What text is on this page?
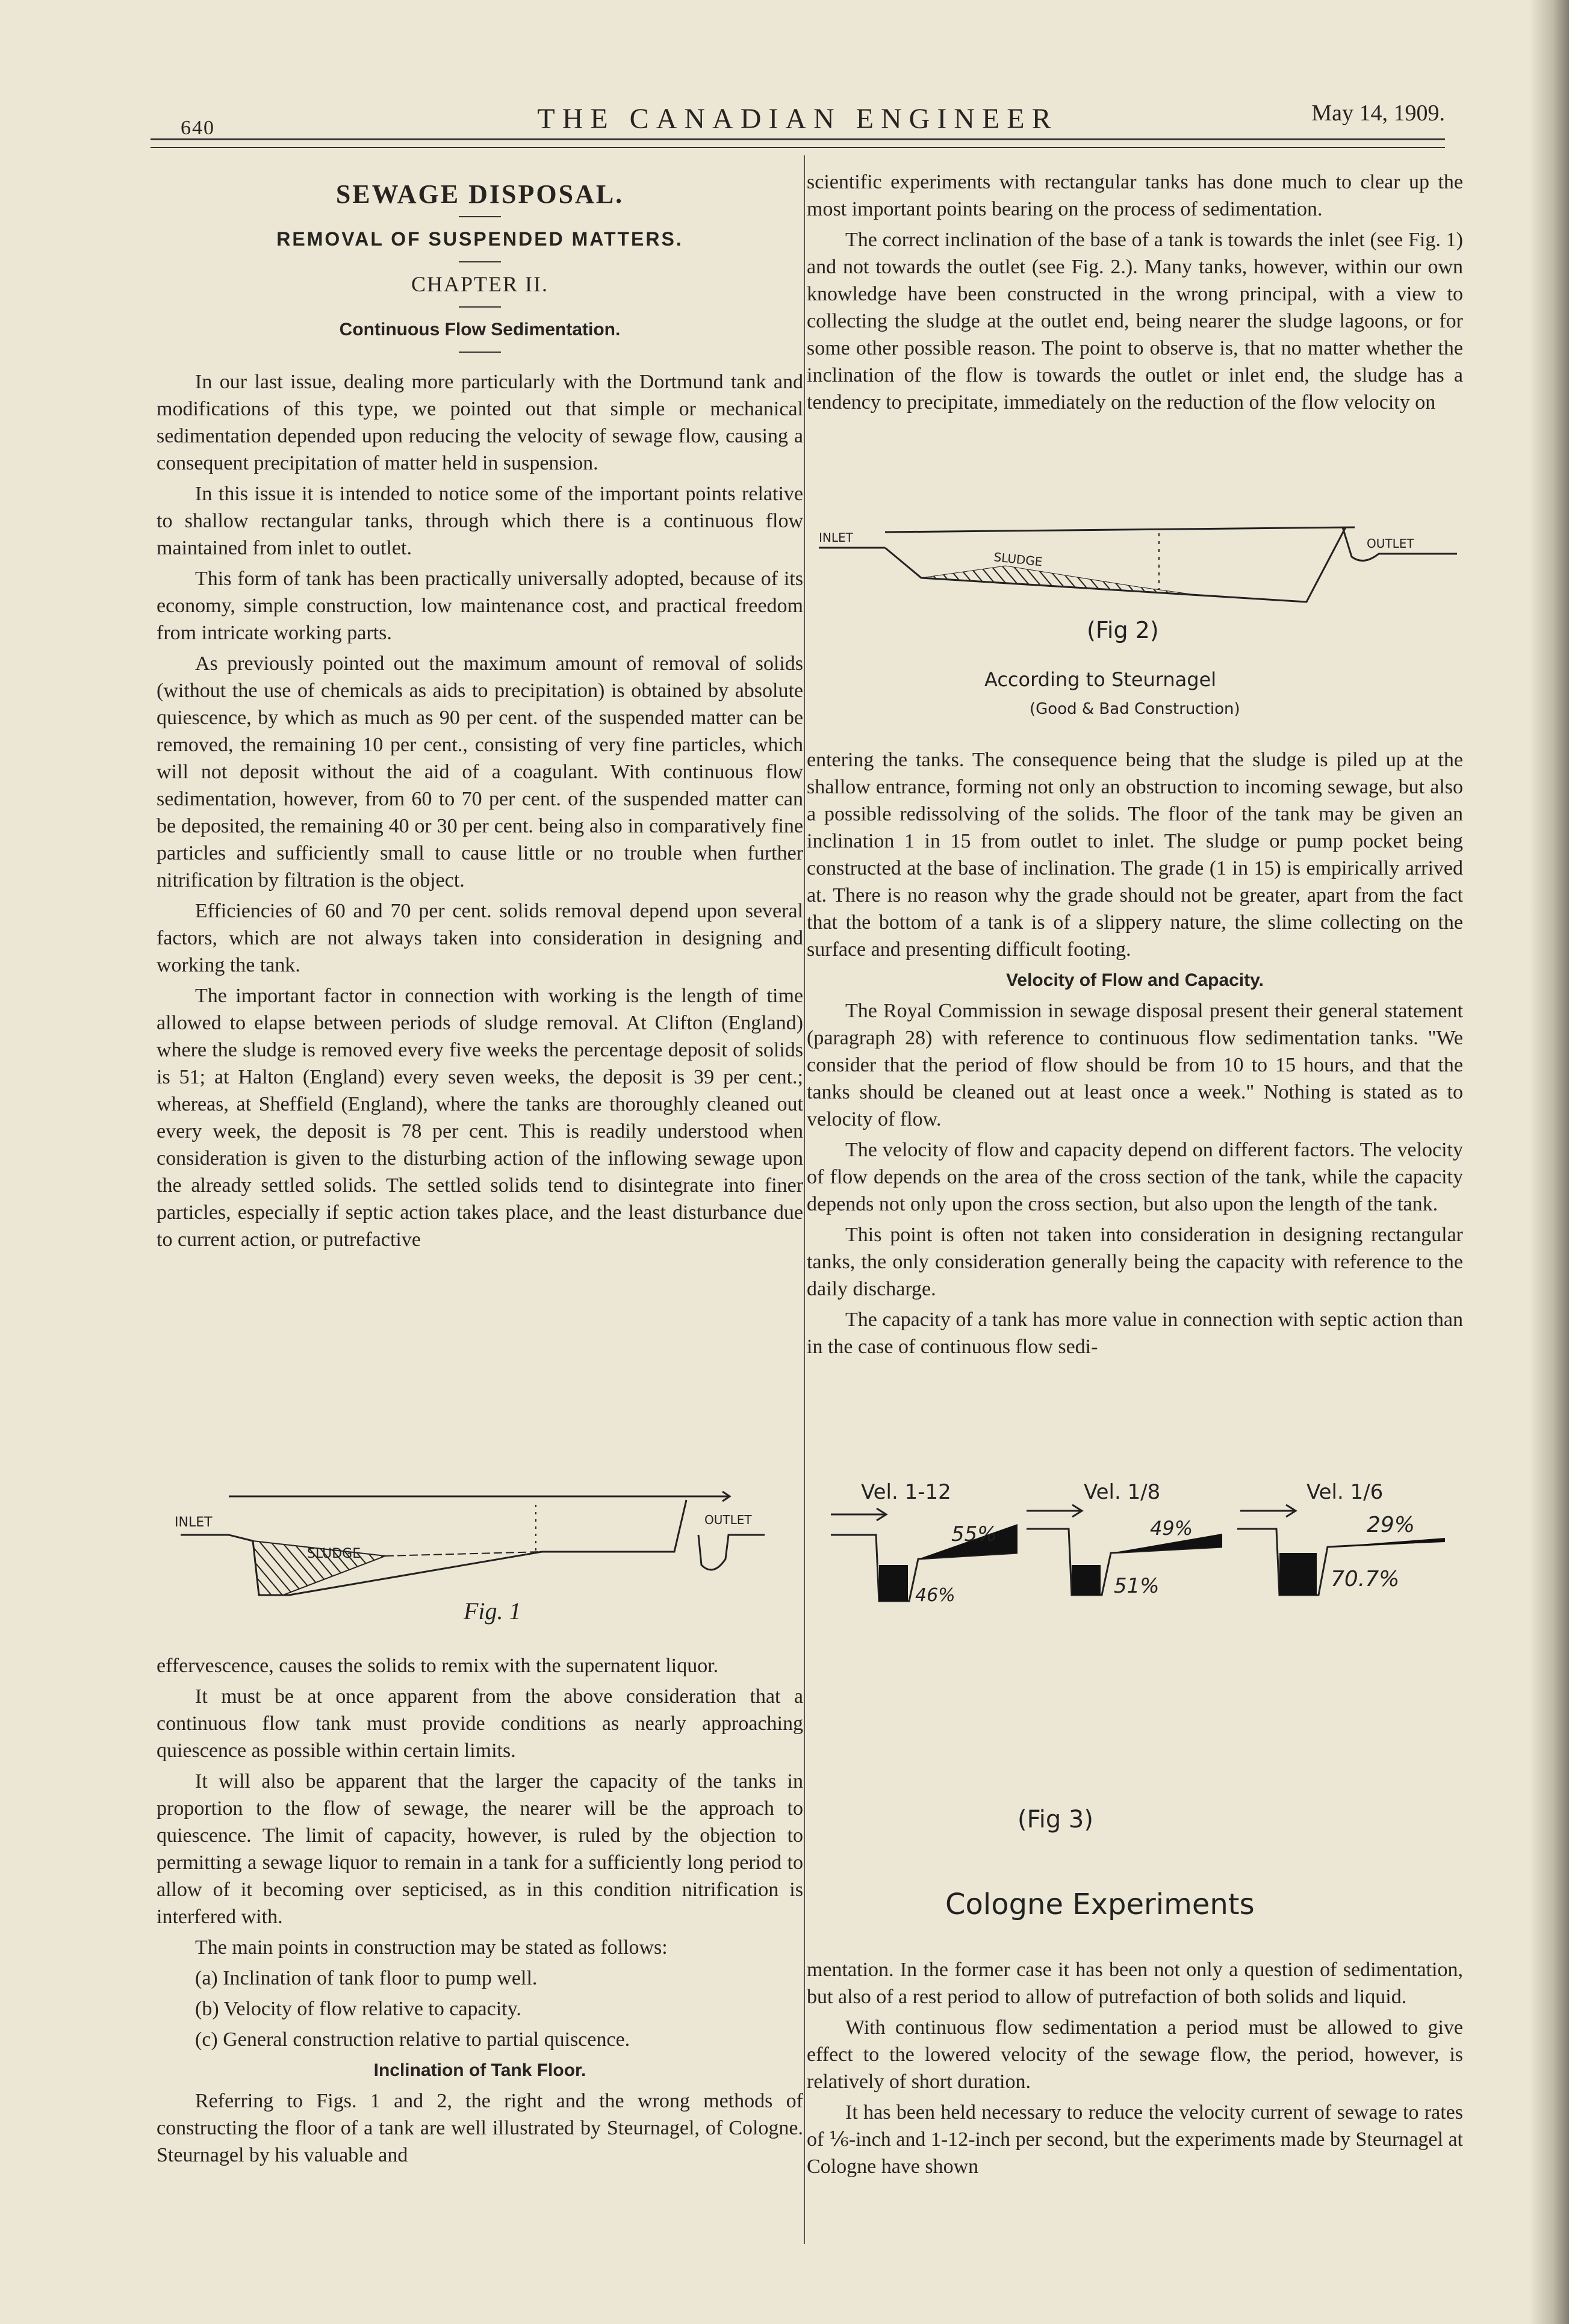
640	THE CANADIAN ENGINEER	May 14, 1909.

SEWAGE DISPOSAL.

REMOVAL OF SUSPENDED MATTERS.

CHAPTER II.

Continuous Flow Sedimentation.

In our last issue, dealing more particularly with the Dortmund tank and modifications of this type, we pointed out that simple or mechanical sedimentation depended upon reducing the velocity of sewage flow, causing a consequent precipitation of matter held in suspension.

In this issue it is intended to notice some of the important points relative to shallow rectangular tanks, through which there is a continuous flow maintained from inlet to outlet.

This form of tank has been practically universally adopted, because of its economy, simple construction, low maintenance cost, and practical freedom from intricate working parts.

As previously pointed out the maximum amount of removal of solids (without the use of chemicals as aids to precipitation) is obtained by absolute quiescence, by which as much as 90 per cent. of the suspended matter can be removed, the remaining 10 per cent., consisting of very fine particles, which will not deposit without the aid of a coagulant. With continuous flow sedimentation, however, from 60 to 70 per cent. of the suspended matter can be deposited, the remaining 40 or 30 per cent. being also in comparatively fine particles and sufficiently small to cause little or no trouble when further nitrification by filtration is the object.

Efficiencies of 60 and 70 per cent. solids removal depend upon several factors, which are not always taken into consideration in designing and working the tank.

The important factor in connection with working is the length of time allowed to elapse between periods of sludge removal. At Clifton (England) where the sludge is removed every five weeks the percentage deposit of solids is 51; at Halton (England) every seven weeks, the deposit is 39 per cent.; whereas, at Sheffield (England), where the tanks are thoroughly cleaned out every week, the deposit is 78 per cent. This is readily understood when consideration is given to the disturbing action of the inflowing sewage upon the already settled solids. The settled solids tend to disintegrate into finer particles, especially if septic action takes place, and the least disturbance due to current action, or putrefactive

INLET
SLUDGE
OUTLET
Fig. 1

effervescence, causes the solids to remix with the supernatent liquor.

It must be at once apparent from the above consideration that a continuous flow tank must provide conditions as nearly approaching quiescence as possible within certain limits.

It will also be apparent that the larger the capacity of the tanks in proportion to the flow of sewage, the nearer will be the approach to quiescence. The limit of capacity, however, is ruled by the objection to permitting a sewage liquor to remain in a tank for a sufficiently long period to allow of it becoming over septicised, as in this condition nitrification is interfered with.

The main points in construction may be stated as follows:

(a) Inclination of tank floor to pump well.

(b) Velocity of flow relative to capacity.

(c) General construction relative to partial quiscence.

Inclination of Tank Floor.

Referring to Figs. 1 and 2, the right and the wrong methods of constructing the floor of a tank are well illustrated by Steurnagel, of Cologne. Steurnagel by his valuable and

scientific experiments with rectangular tanks has done much to clear up the most important points bearing on the process of sedimentation.

The correct inclination of the base of a tank is towards the inlet (see Fig. 1) and not towards the outlet (see Fig. 2.). Many tanks, however, within our own knowledge have been constructed in the wrong principal, with a view to collecting the sludge at the outlet end, being nearer the sludge lagoons, or for some other possible reason. The point to observe is, that no matter whether the inclination of the flow is towards the outlet or inlet end, the sludge has a tendency to precipitate, immediately on the reduction of the flow velocity on

INLET
SLUDGE
OUTLET
(Fig 2)
According to Steurnagel
(Good & Bad Construction)

entering the tanks. The consequence being that the sludge is piled up at the shallow entrance, forming not only an obstruction to incoming sewage, but also a possible redissolving of the solids. The floor of the tank may be given an inclination 1 in 15 from outlet to inlet. The sludge or pump pocket being constructed at the base of inclination. The grade (1 in 15) is empirically arrived at. There is no reason why the grade should not be greater, apart from the fact that the bottom of a tank is of a slippery nature, the slime collecting on the surface and presenting difficult footing.

Velocity of Flow and Capacity.

The Royal Commission in sewage disposal present their general statement (paragraph 28) with reference to continuous flow sedimentation tanks. "We consider that the period of flow should be from 10 to 15 hours, and that the tanks should be cleaned out at least once a week." Nothing is stated as to velocity of flow.

The velocity of flow and capacity depend on different factors. The velocity of flow depends on the area of the cross section of the tank, while the capacity depends not only upon the cross section, but also upon the length of the tank.

This point is often not taken into consideration in designing rectangular tanks, the only consideration generally being the capacity with reference to the daily discharge.

The capacity of a tank has more value in connection with septic action than in the case of continuous flow sedi-

Vel. 1-12	Vel. 1/8	Vel. 1/6
55%
46%
49%
51%
29%
70.7%
(Fig 3)
Cologne Experiments

mentation. In the former case it has been not only a question of sedimentation, but also of a rest period to allow of putrefaction of both solids and liquid.

With continuous flow sedimentation a period must be allowed to give effect to the lowered velocity of the sewage flow, the period, however, is relatively of short duration.

It has been held necessary to reduce the velocity current of sewage to rates of ⅙-inch and 1-12-inch per second, but the experiments made by Steurnagel at Cologne have shown
